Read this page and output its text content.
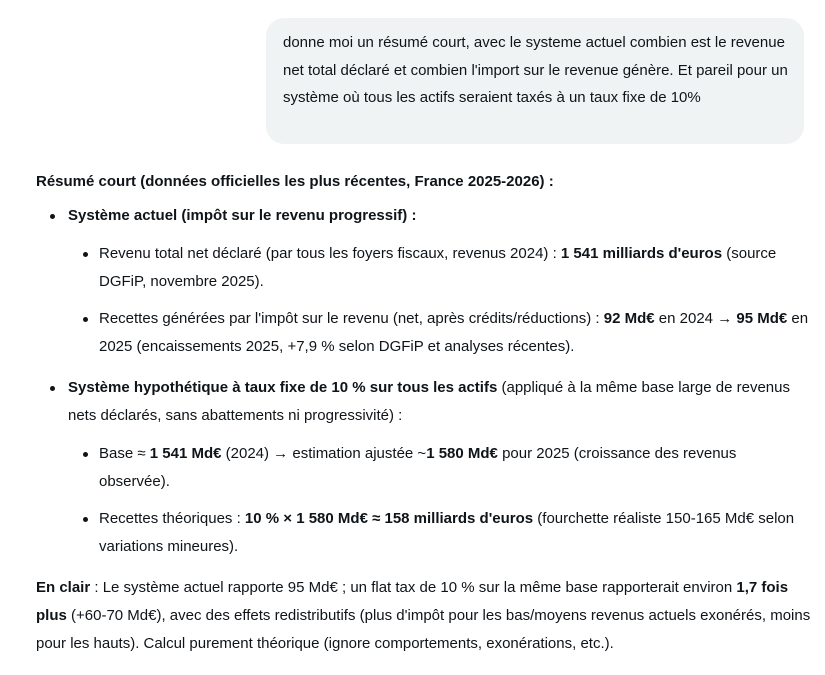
donne moi un résumé court, avec le systeme actuel combien est le revenue net total déclaré et combien l'import sur le revenue génère. Et pareil pour un système où tous les actifs seraient taxés à un taux fixe de 10%

Résumé court (données officielles les plus récentes, France 2025-2026) :

Système actuel (impôt sur le revenu progressif) :
Revenu total net déclaré (par tous les foyers fiscaux, revenus 2024) : 1 541 milliards d'euros (source DGFiP, novembre 2025).
Recettes générées par l'impôt sur le revenu (net, après crédits/réductions) : 92 Md€ en 2024 → 95 Md€ en 2025 (encaissements 2025, +7,9 % selon DGFiP et analyses récentes).
Système hypothétique à taux fixe de 10 % sur tous les actifs (appliqué à la même base large de revenus nets déclarés, sans abattements ni progressivité) :
Base ≈ 1 541 Md€ (2024) → estimation ajustée ~1 580 Md€ pour 2025 (croissance des revenus observée).
Recettes théoriques : 10 % × 1 580 Md€ ≈ 158 milliards d'euros (fourchette réaliste 150-165 Md€ selon variations mineures).

En clair : Le système actuel rapporte 95 Md€ ; un flat tax de 10 % sur la même base rapporterait environ 1,7 fois plus (+60-70 Md€), avec des effets redistributifs (plus d'impôt pour les bas/moyens revenus actuels exonérés, moins pour les hauts). Calcul purement théorique (ignore comportements, exonérations, etc.).
